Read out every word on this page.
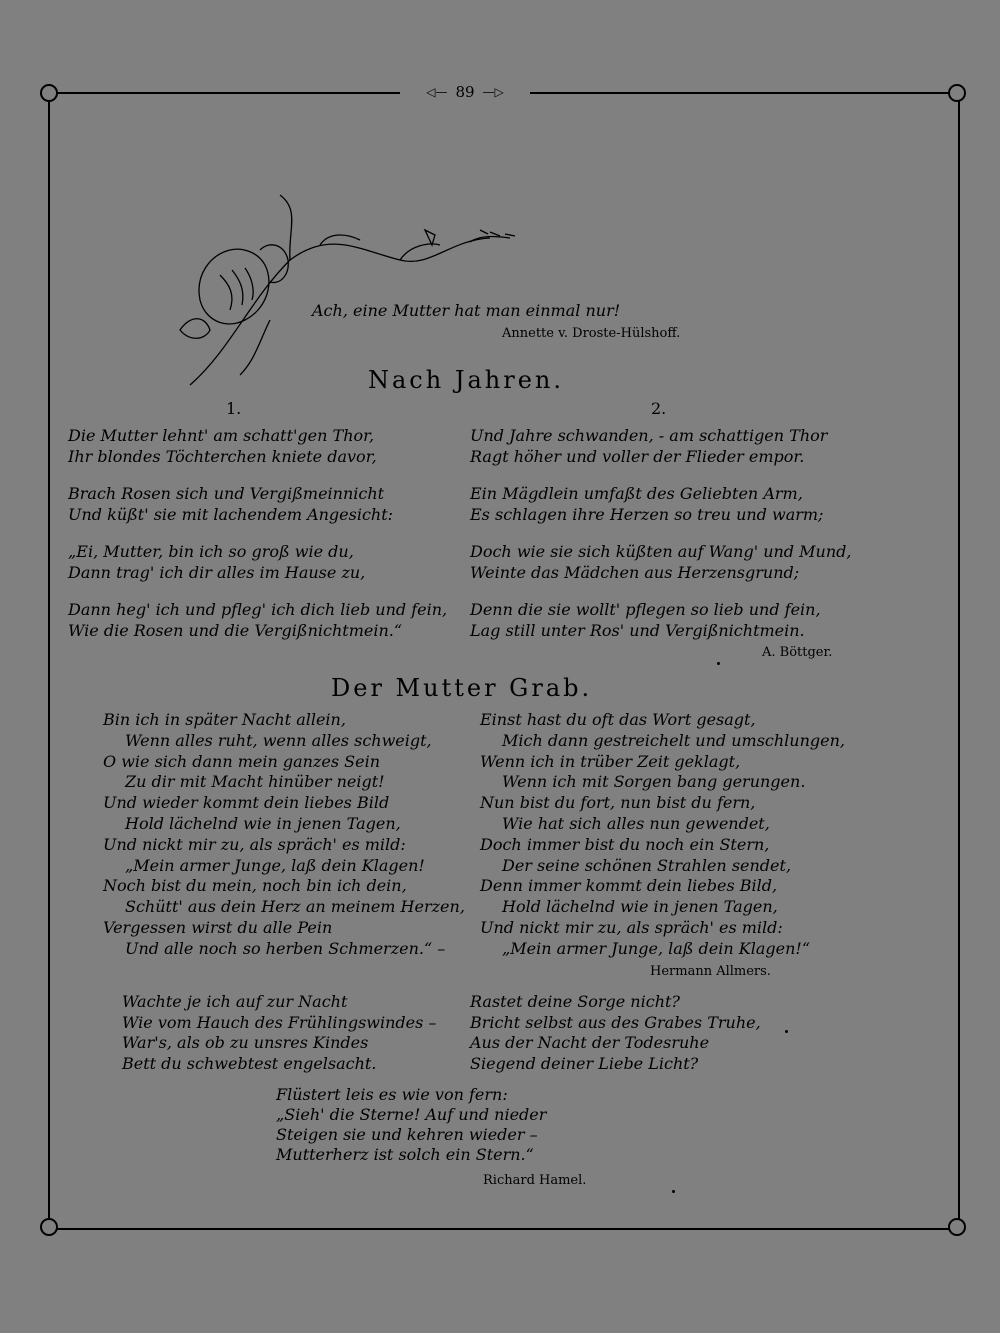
◁— 89 —▷
Ach, eine Mutter hat man einmal nur!
Annette v. Droste-Hülshoff.
Nach Jahren.
1.	2.
Die Mutter lehnt' am schatt'gen Thor,
Ihr blondes Töchterchen kniete davor,
Brach Rosen sich und Vergißmeinnicht
Und küßt' sie mit lachendem Angesicht:
„Ei, Mutter, bin ich so groß wie du,
Dann trag' ich dir alles im Hause zu,
Dann heg' ich und pfleg' ich dich lieb und fein,
Wie die Rosen und die Vergißnichtmein.“
Und Jahre schwanden, - am schattigen Thor
Ragt höher und voller der Flieder empor.
Ein Mägdlein umfaßt des Geliebten Arm,
Es schlagen ihre Herzen so treu und warm;
Doch wie sie sich küßten auf Wang' und Mund,
Weinte das Mädchen aus Herzensgrund;
Denn die sie wollt' pflegen so lieb und fein,
Lag still unter Ros' und Vergißnichtmein.
A. Böttger.
Der Mutter Grab.
Bin ich in später Nacht allein,
Wenn alles ruht, wenn alles schweigt,
O wie sich dann mein ganzes Sein
Zu dir mit Macht hinüber neigt!
Und wieder kommt dein liebes Bild
Hold lächelnd wie in jenen Tagen,
Und nickt mir zu, als spräch' es mild:
„Mein armer Junge, laß dein Klagen!
Noch bist du mein, noch bin ich dein,
Schütt' aus dein Herz an meinem Herzen,
Vergessen wirst du alle Pein
Und alle noch so herben Schmerzen.“ –
Einst hast du oft das Wort gesagt,
Mich dann gestreichelt und umschlungen,
Wenn ich in trüber Zeit geklagt,
Wenn ich mit Sorgen bang gerungen.
Nun bist du fort, nun bist du fern,
Wie hat sich alles nun gewendet,
Doch immer bist du noch ein Stern,
Der seine schönen Strahlen sendet,
Denn immer kommt dein liebes Bild,
Hold lächelnd wie in jenen Tagen,
Und nickt mir zu, als spräch' es mild:
„Mein armer Junge, laß dein Klagen!“
Hermann Allmers.
Wachte je ich auf zur Nacht
Wie vom Hauch des Frühlingswindes –
War's, als ob zu unsres Kindes
Bett du schwebtest engelsacht.
Rastet deine Sorge nicht?
Bricht selbst aus des Grabes Truhe,
Aus der Nacht der Todesruhe
Siegend deiner Liebe Licht?
Flüstert leis es wie von fern:
„Sieh' die Sterne! Auf und nieder
Steigen sie und kehren wieder –
Mutterherz ist solch ein Stern.“
Richard Hamel.
